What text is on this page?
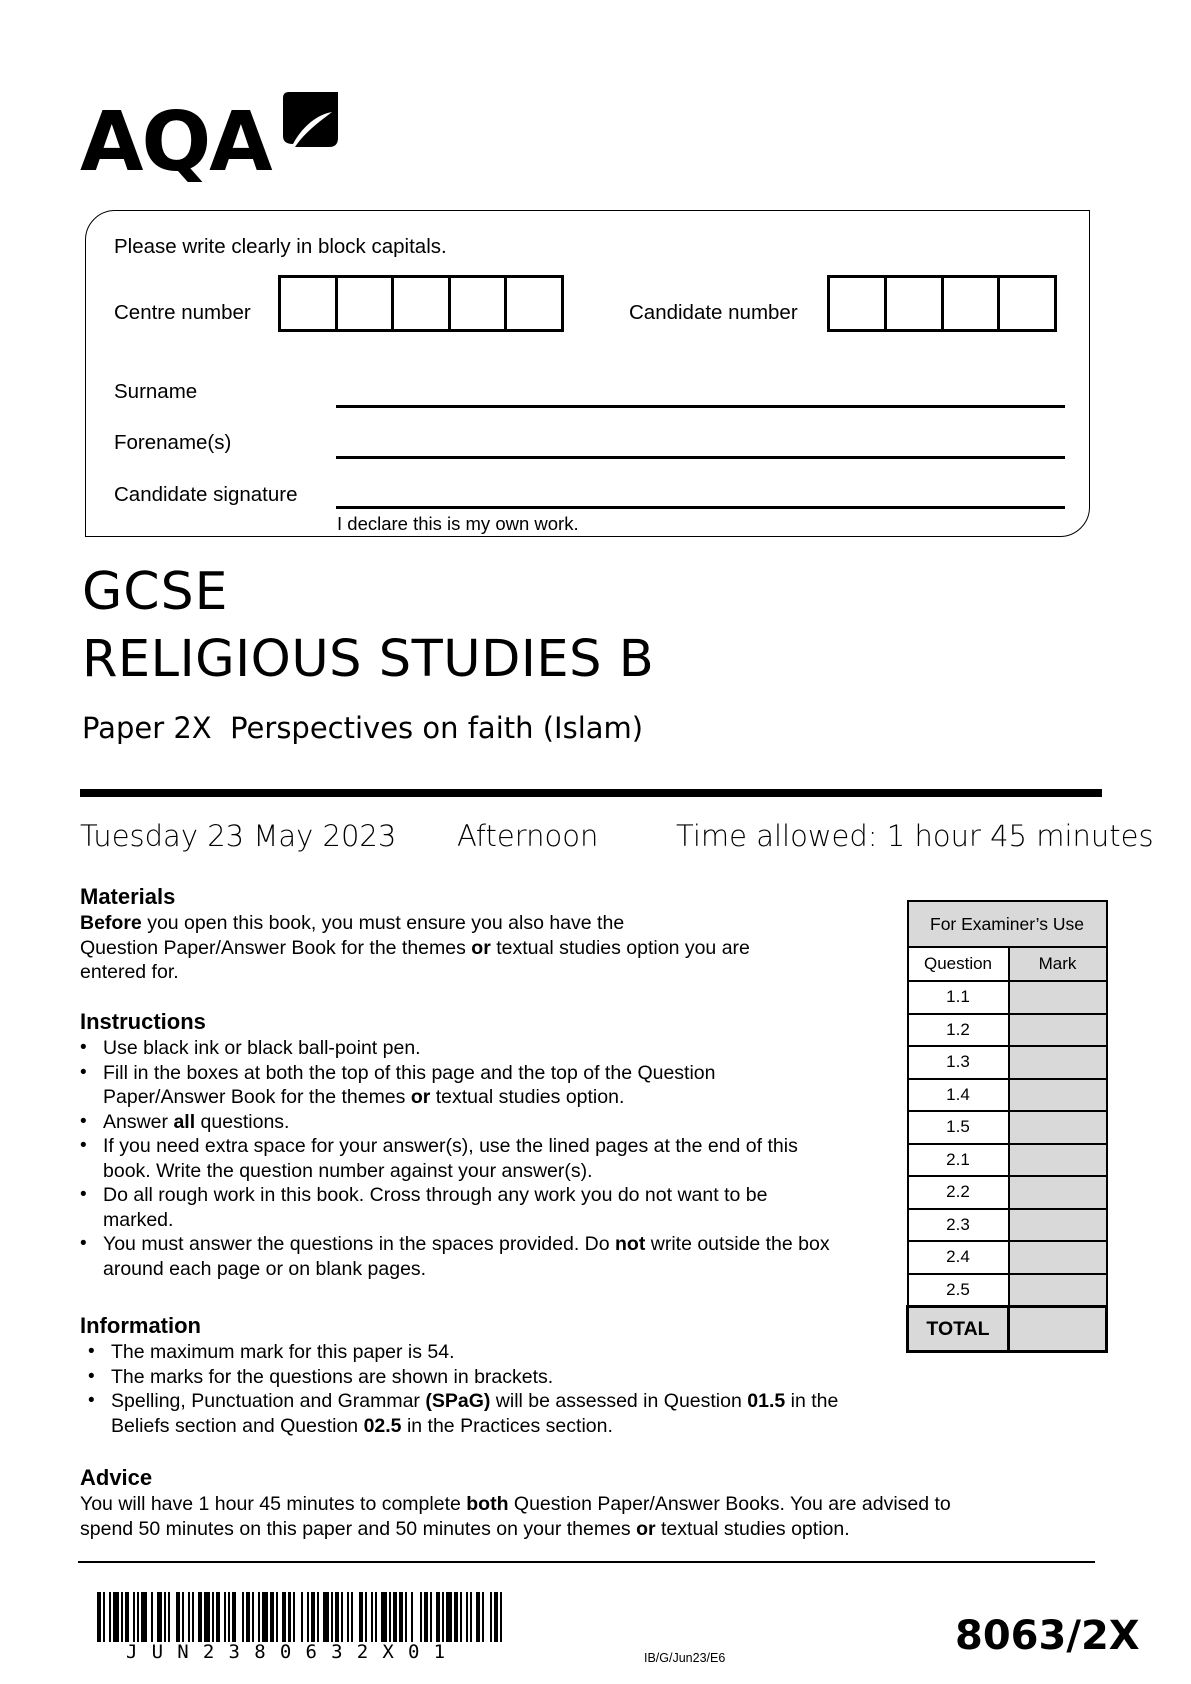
AQA
Please write clearly in block capitals.
Centre number	Candidate number
Surname
Forename(s)
Candidate signature
I declare this is my own work.
GCSE
RELIGIOUS STUDIES B
Paper 2X  Perspectives on faith (Islam)
Tuesday 23 May 2023 Afternoon	Time allowed: 1 hour 45 minutes
Materials
Before you open this book, you must ensure you also have the
Question Paper/Answer Book for the themes or textual studies option you are
entered for.
Instructions
• Use black ink or black ball-point pen.
• Fill in the boxes at both the top of this page and the top of the Question Paper/Answer Book for the themes or textual studies option.
• Answer all questions.
• If you need extra space for your answer(s), use the lined pages at the end of this book. Write the question number against your answer(s).
• Do all rough work in this book. Cross through any work you do not want to be marked.
• You must answer the questions in the spaces provided. Do not write outside the box around each page or on blank pages.
Information
• The maximum mark for this paper is 54.
• The marks for the questions are shown in brackets.
• Spelling, Punctuation and Grammar (SPaG) will be assessed in Question 01.5 in the Beliefs section and Question 02.5 in the Practices section.
Advice
You will have 1 hour 45 minutes to complete both Question Paper/Answer Books. You are advised to
spend 50 minutes on this paper and 50 minutes on your themes or textual studies option.
For Examiner’s Use	
Question	Mark
1.1	
1.2	
1.3	
1.4	
1.5	
2.1	
2.2	
2.3	
2.4	
2.5	
TOTAL	
JUN2380632X01	IB/G/Jun23/E6	8063/2X
